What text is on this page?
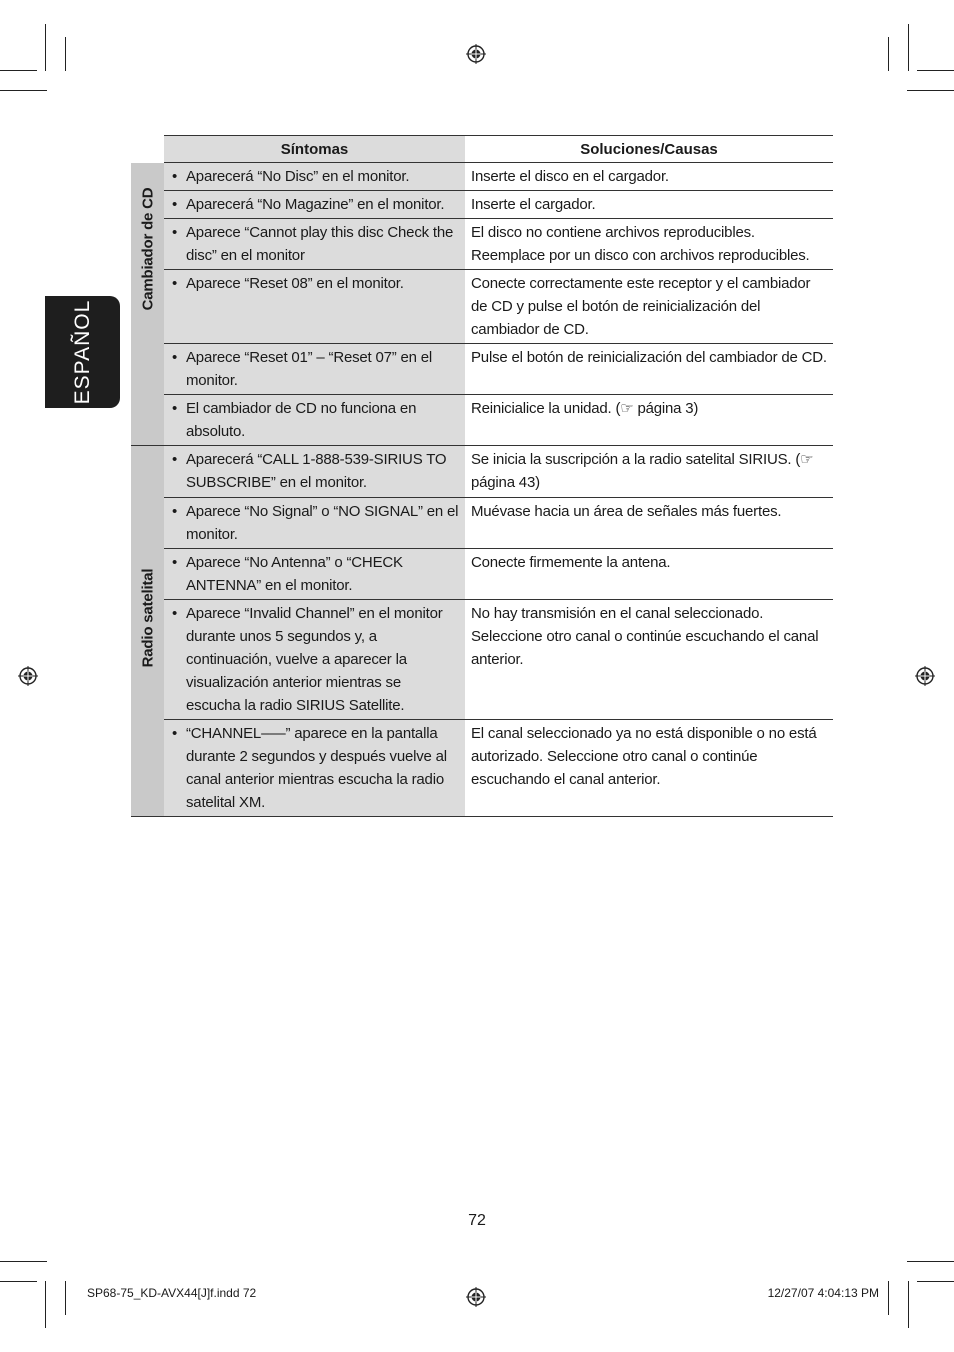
ESPAÑOL
	Síntomas	Soluciones/Causas

Cambiador de CD	• Aparecerá “No Disc” en el monitor.	Inserte el disco en el cargador.

	• Aparecerá “No Magazine” en el monitor.	Inserte el cargador.

	• Aparece “Cannot play this disc Check the disc” en el monitor	El disco no contiene archivos reproducibles. Reemplace por un disco con archivos reproducibles.

	• Aparece “Reset 08” en el monitor.	Conecte correctamente este receptor y el cambiador de CD y pulse el botón de reinicialización del cambiador de CD.

	• Aparece “Reset 01” – “Reset 07” en el monitor.	Pulse el botón de reinicialización del cambiador de CD.

	• El cambiador de CD no funciona en absoluto.	Reinicialice la unidad. (☞ página 3)

Radio satelital	• Aparecerá “CALL 1-888-539-SIRIUS TO SUBSCRIBE” en el monitor.	Se inicia la suscripción a la radio satelital SIRIUS. (☞ página 43)

	• Aparece “No Signal” o “NO SIGNAL” en el monitor.	Muévase hacia un área de señales más fuertes.

	• Aparece “No Antenna” o “CHECK ANTENNA” en el monitor.	Conecte firmemente la antena.

	• Aparece “Invalid Channel” en el monitor durante unos 5 segundos y, a continuación, vuelve a aparecer la visualización anterior mientras se escucha la radio SIRIUS Satellite.	No hay transmisión en el canal seleccionado. Seleccione otro canal o continúe escuchando el canal anterior.

	• “CHANNEL–––” aparece en la pantalla durante 2 segundos y después vuelve al canal anterior mientras escucha la radio satelital XM.	El canal seleccionado ya no está disponible o no está autorizado. Seleccione otro canal o continúe escuchando el canal anterior.
72
SP68-75_KD-AVX44[J]f.indd 72	12/27/07 4:04:13 PM
